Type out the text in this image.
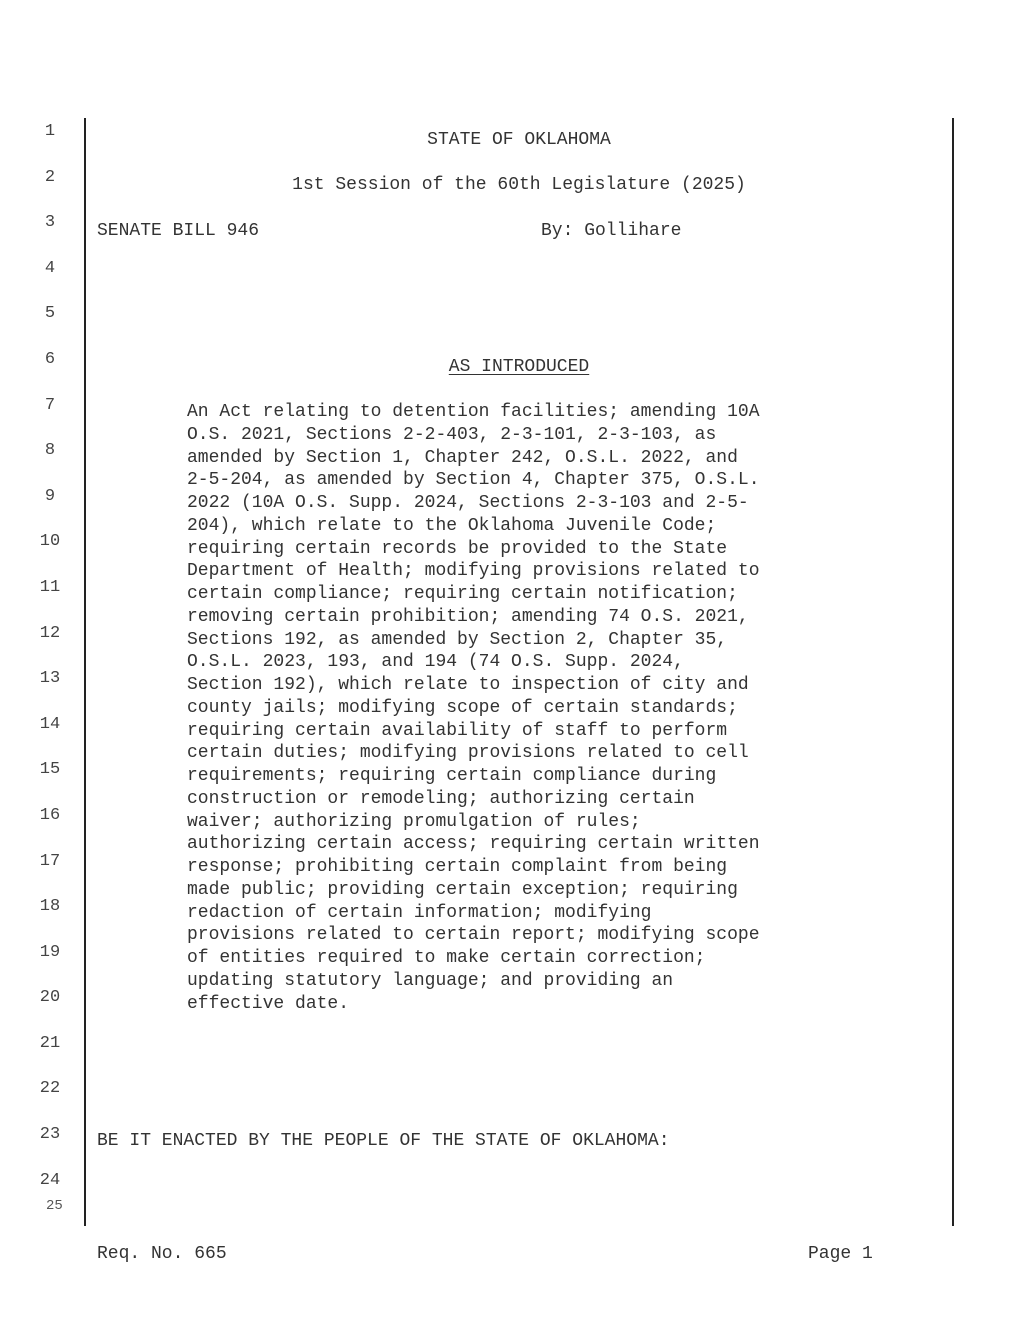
1
2
3
4
5
6
7
8
9
10
11
12
13
14
15
16
17
18
19
20
21
22
23
24
25
STATE OF OKLAHOMA
1st Session of the 60th Legislature (2025)
SENATE BILL 946	By: Gollihare
AS INTRODUCED
An Act relating to detention facilities; amending 10A
O.S. 2021, Sections 2-2-403, 2-3-101, 2-3-103, as
amended by Section 1, Chapter 242, O.S.L. 2022, and
2-5-204, as amended by Section 4, Chapter 375, O.S.L.
2022 (10A O.S. Supp. 2024, Sections 2-3-103 and 2-5-
204), which relate to the Oklahoma Juvenile Code;
requiring certain records be provided to the State
Department of Health; modifying provisions related to
certain compliance; requiring certain notification;
removing certain prohibition; amending 74 O.S. 2021,
Sections 192, as amended by Section 2, Chapter 35,
O.S.L. 2023, 193, and 194 (74 O.S. Supp. 2024,
Section 192), which relate to inspection of city and
county jails; modifying scope of certain standards;
requiring certain availability of staff to perform
certain duties; modifying provisions related to cell
requirements; requiring certain compliance during
construction or remodeling; authorizing certain
waiver; authorizing promulgation of rules;
authorizing certain access; requiring certain written
response; prohibiting certain complaint from being
made public; providing certain exception; requiring
redaction of certain information; modifying
provisions related to certain report; modifying scope
of entities required to make certain correction;
updating statutory language; and providing an
effective date.
BE IT ENACTED BY THE PEOPLE OF THE STATE OF OKLAHOMA:
Req. No. 665	Page 1
